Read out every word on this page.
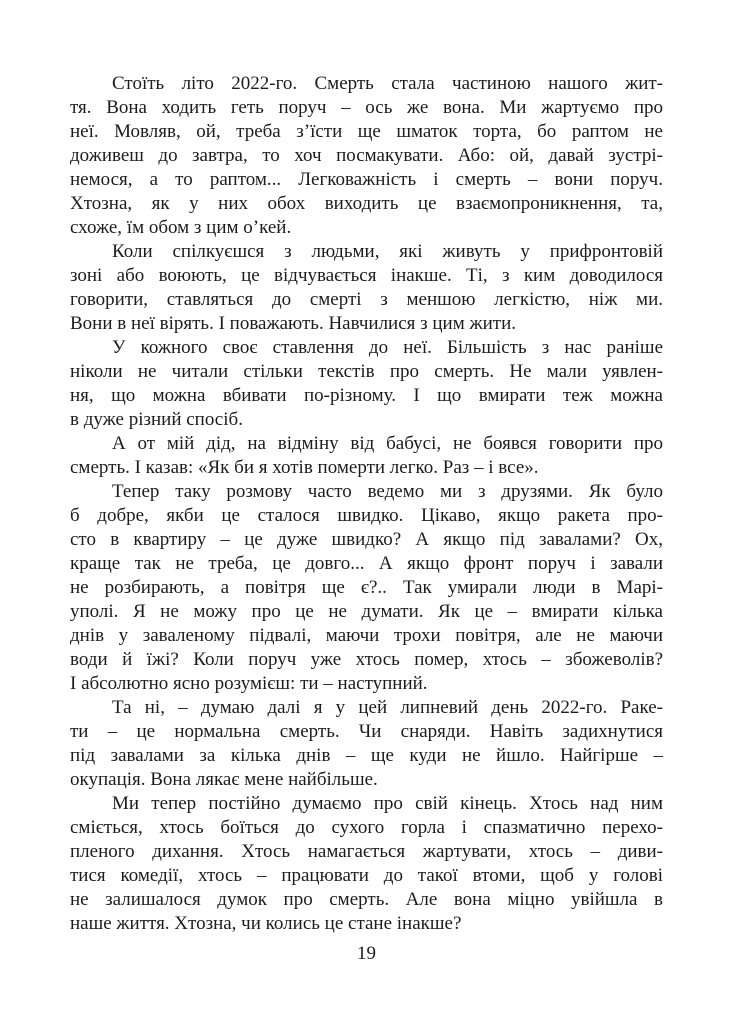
Стоїть літо 2022-го. Смерть стала частиною нашого жит-
тя. Вона ходить геть поруч – ось же вона. Ми жартуємо про
неї. Мовляв, ой, треба з’їсти ще шматок торта, бо раптом не
доживеш до завтра, то хоч посмакувати. Або: ой, давай зустрі-
немося, а то раптом... Легковажність і смерть – вони поруч.
Хтозна, як у них обох виходить це взаємопроникнення, та,
схоже, їм обом з цим о’кей.
Коли спілкуєшся з людьми, які живуть у прифронтовій
зоні або воюють, це відчувається інакше. Ті, з ким доводилося
говорити, ставляться до смерті з меншою легкістю, ніж ми.
Вони в неї вірять. І поважають. Навчилися з цим жити.
У кожного своє ставлення до неї. Більшість з нас раніше
ніколи не читали стільки текстів про смерть. Не мали уявлен-
ня, що можна вбивати по-різному. І що вмирати теж можна
в дуже різний спосіб.
А от мій дід, на відміну від бабусі, не боявся говорити про
смерть. І казав: «Як би я хотів померти легко. Раз – і все».
Тепер таку розмову часто ведемо ми з друзями. Як було
б добре, якби це сталося швидко. Цікаво, якщо ракета про-
сто в квартиру – це дуже швидко? А якщо під завалами? Ох,
краще так не треба, це довго... А якщо фронт поруч і завали
не розбирають, а повітря ще є?.. Так умирали люди в Марі-
уполі. Я не можу про це не думати. Як це – вмирати кілька
днів у заваленому підвалі, маючи трохи повітря, але не маючи
води й їжі? Коли поруч уже хтось помер, хтось – збожеволів?
І абсолютно ясно розумієш: ти – наступний.
Та ні, – думаю далі я у цей липневий день 2022-го. Раке-
ти – це нормальна смерть. Чи снаряди. Навіть задихнутися
під завалами за кілька днів – ще куди не йшло. Найгірше –
окупація. Вона лякає мене найбільше.
Ми тепер постійно думаємо про свій кінець. Хтось над ним
сміється, хтось боїться до сухого горла і спазматично перехо-
пленого дихання. Хтось намагається жартувати, хтось – диви-
тися комедії, хтось – працювати до такої втоми, щоб у голові
не залишалося думок про смерть. Але вона міцно увійшла в
наше життя. Хтозна, чи колись це стане інакше?
19
